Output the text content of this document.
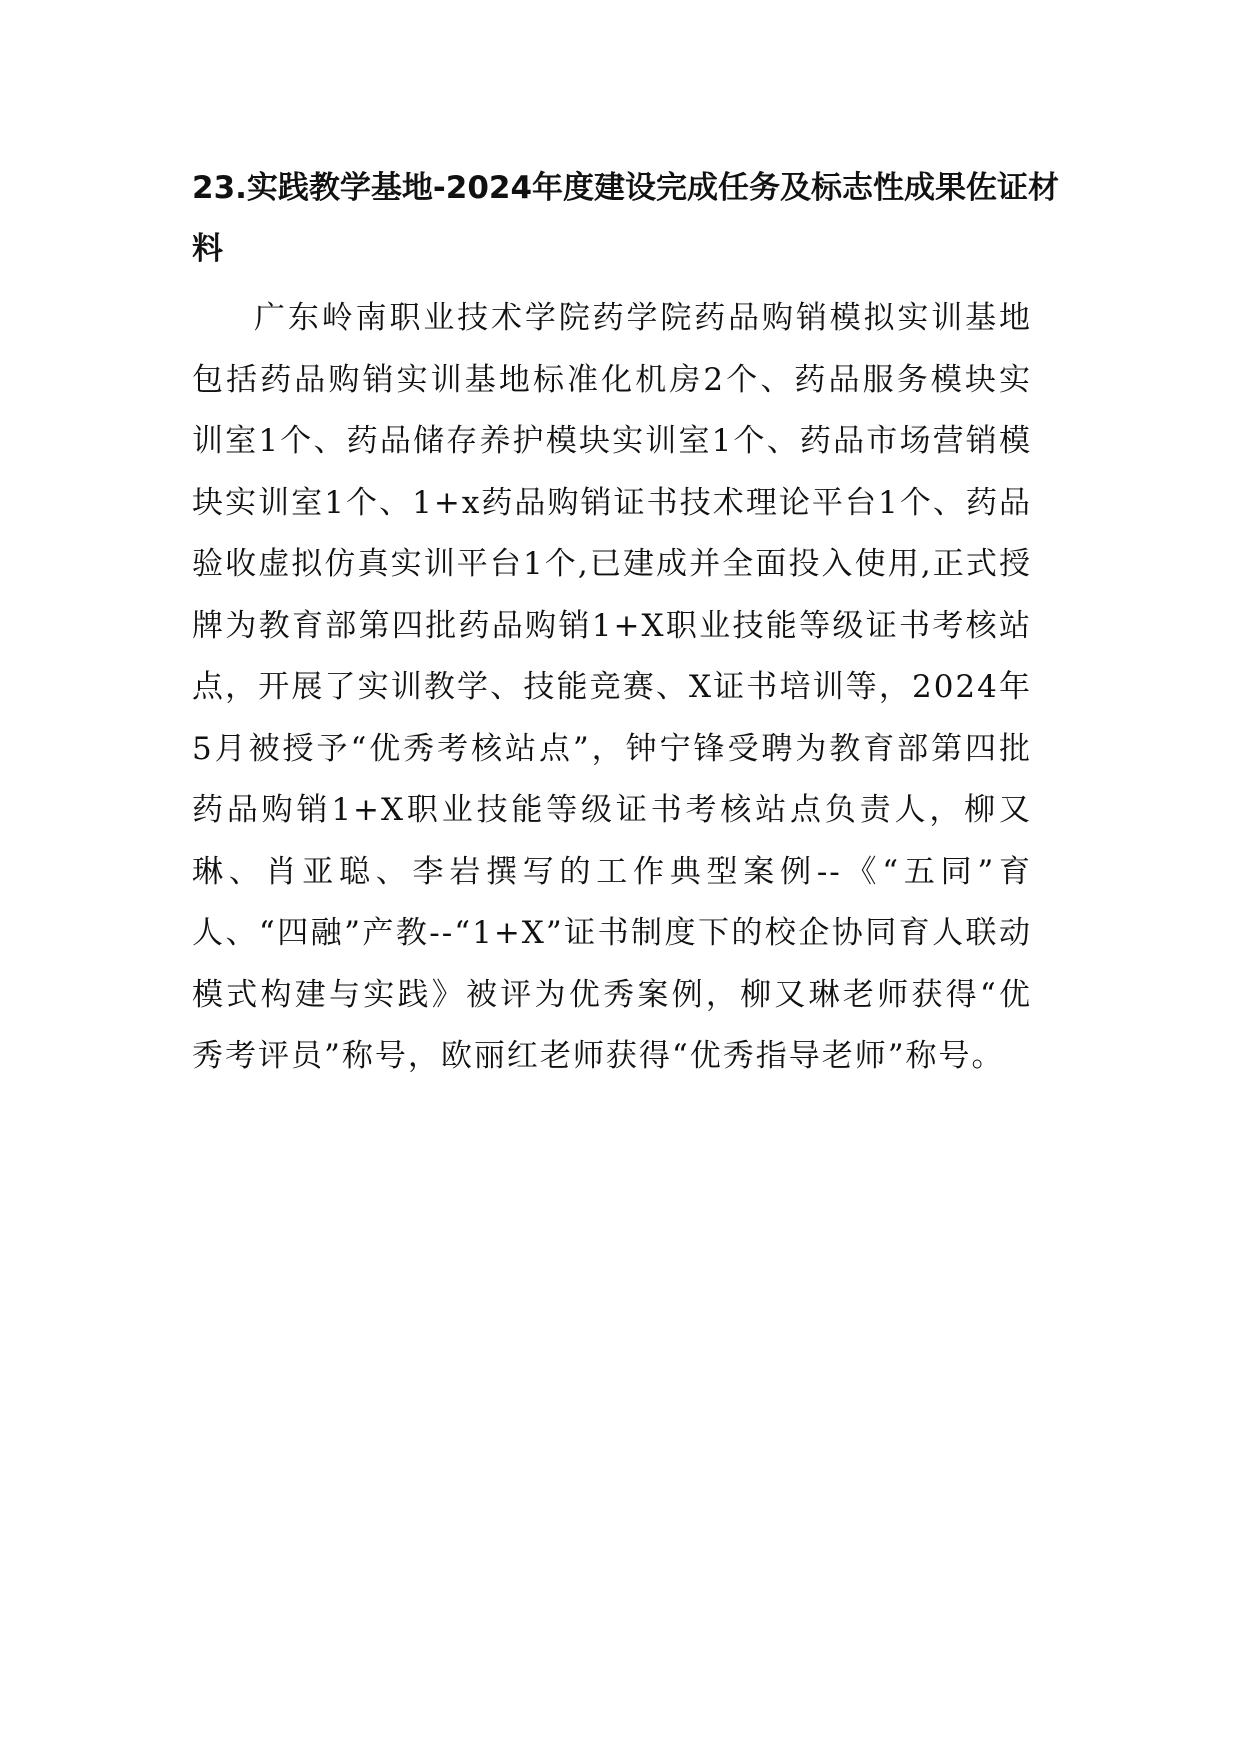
23.实践教学基地-2024年度建设完成任务及标志性成果佐证材料

广东岭南职业技术学院药学院药品购销模拟实训基地包括药品购销实训基地标准化机房2个、药品服务模块实训室1个、药品储存养护模块实训室1个、药品市场营销模块实训室1个、1+x药品购销证书技术理论平台1个、药品验收虚拟仿真实训平台1个,已建成并全面投入使用,正式授牌为教育部第四批药品购销1+X职业技能等级证书考核站点，开展了实训教学、技能竞赛、X证书培训等，2024年5月被授予“优秀考核站点”，钟宁锋受聘为教育部第四批药品购销1+X职业技能等级证书考核站点负责人，柳又琳、肖亚聪、李岩撰写的工作典型案例--《“五同”育人、“四融”产教--“1+X”证书制度下的校企协同育人联动模式构建与实践》被评为优秀案例，柳又琳老师获得“优秀考评员”称号，欧丽红老师获得“优秀指导老师”称号。
